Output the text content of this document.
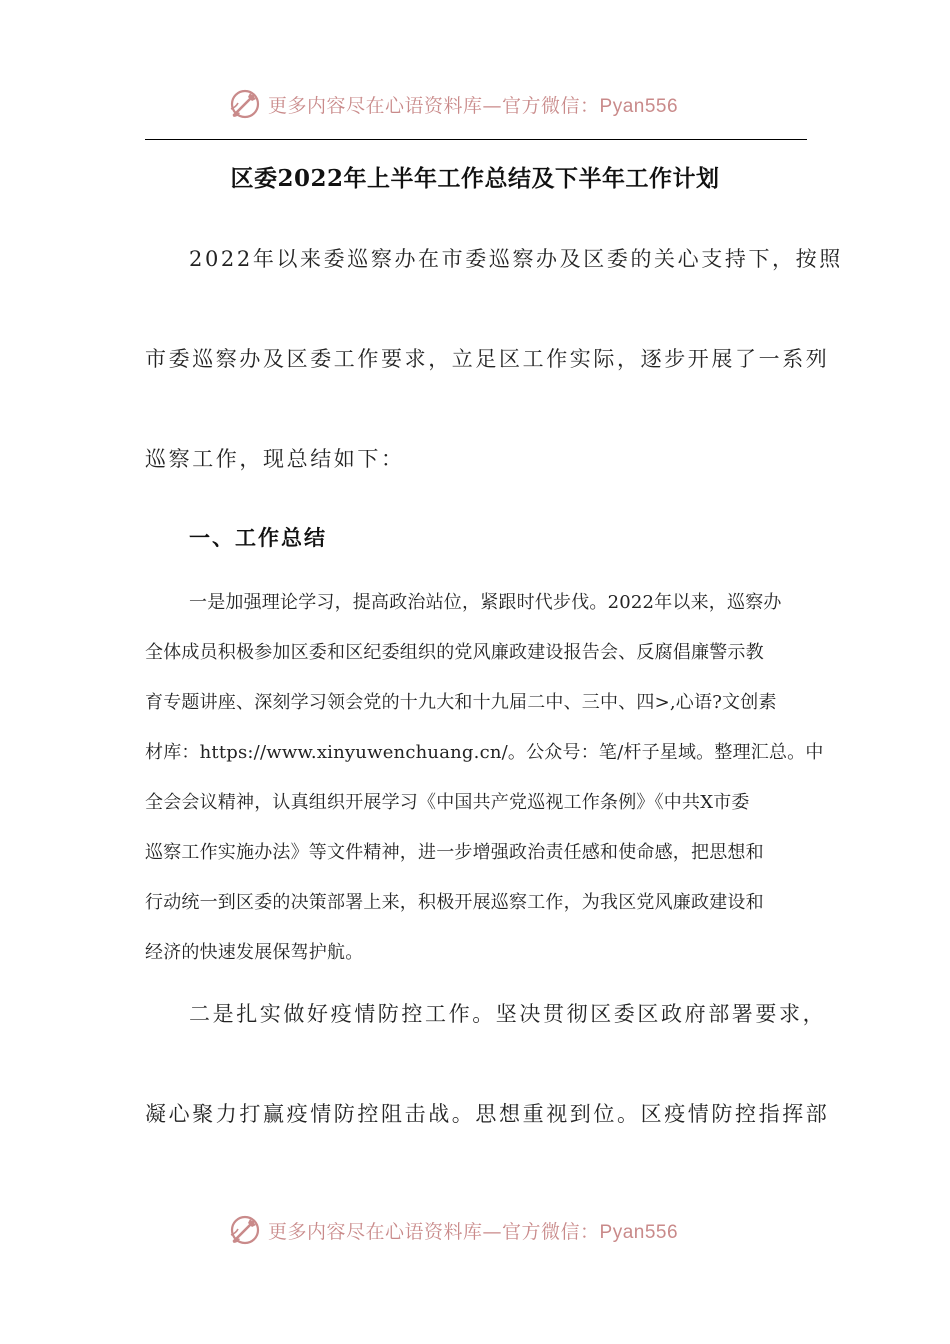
更多内容尽在心语资料库—官方微信：Pyan556
区委2022年上半年工作总结及下半年工作计划
2022年以来委巡察办在市委巡察办及区委的关心支持下，按照
市委巡察办及区委工作要求，立足区工作实际，逐步开展了一系列
巡察工作，现总结如下：
一、工作总结
一是加强理论学习，提高政治站位，紧跟时代步伐。2022年以来，巡察办
全体成员积极参加区委和区纪委组织的党风廉政建设报告会、反腐倡廉警示教
育专题讲座、深刻学习领会党的十九大和十九届二中、三中、四>,心语?文创素
材库：https://www.xinyuwenchuang.cn/。公众号：笔/杆子星域。整理汇总。中
全会会议精神，认真组织开展学习《中国共产党巡视工作条例》《中共X市委
巡察工作实施办法》等文件精神，进一步增强政治责任感和使命感，把思想和
行动统一到区委的决策部署上来，积极开展巡察工作，为我区党风廉政建设和
经济的快速发展保驾护航。
二是扎实做好疫情防控工作。坚决贯彻区委区政府部署要求，
凝心聚力打赢疫情防控阻击战。思想重视到位。区疫情防控指挥部
更多内容尽在心语资料库—官方微信：Pyan556
